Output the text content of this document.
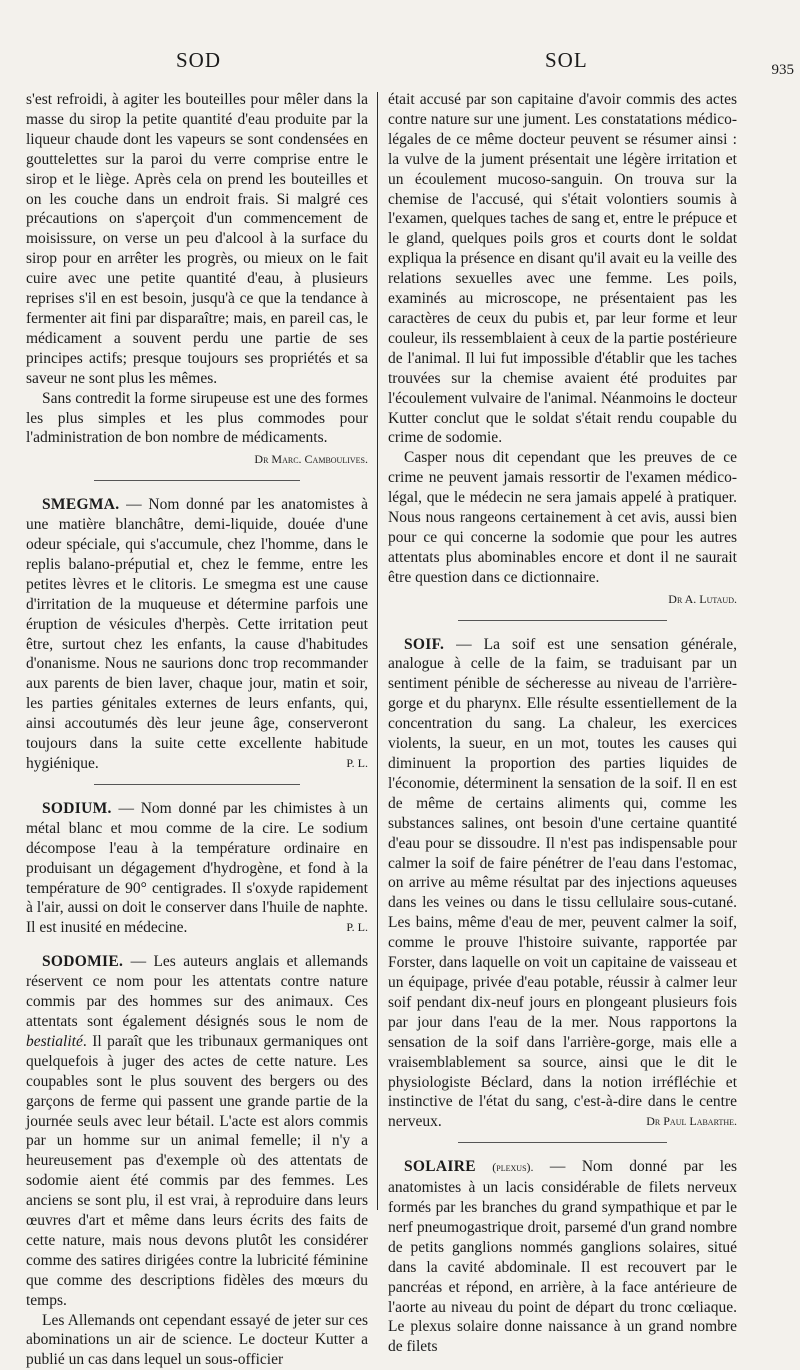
SOD	SOL	935

s'est refroidi, à agiter les bouteilles pour mêler dans la masse du sirop la petite quantité d'eau produite par la liqueur chaude dont les vapeurs se sont condensées en gouttelettes sur la paroi du verre comprise entre le sirop et le liège. Après cela on prend les bouteilles et on les couche dans un endroit frais. Si malgré ces précautions on s'aperçoit d'un commencement de moisissure, on verse un peu d'alcool à la surface du sirop pour en arrêter les progrès, ou mieux on le fait cuire avec une petite quantité d'eau, à plusieurs reprises s'il en est besoin, jusqu'à ce que la tendance à fermenter ait fini par disparaître; mais, en pareil cas, le médicament a souvent perdu une partie de ses principes actifs; presque toujours ses propriétés et sa saveur ne sont plus les mêmes.

Sans contredit la forme sirupeuse est une des formes les plus simples et les plus commodes pour l'administration de bon nombre de médicaments.

Dr Marc. Camboulives.

SMEGMA. — Nom donné par les anatomistes à une matière blanchâtre, demi-liquide, douée d'une odeur spéciale, qui s'accumule, chez l'homme, dans le replis balano-préputial et, chez le femme, entre les petites lèvres et le clitoris. Le smegma est une cause d'irritation de la muqueuse et détermine parfois une éruption de vésicules d'herpès. Cette irritation peut être, surtout chez les enfants, la cause d'habitudes d'onanisme. Nous ne saurions donc trop recommander aux parents de bien laver, chaque jour, matin et soir, les parties génitales externes de leurs enfants, qui, ainsi accoutumés dès leur jeune âge, conserveront toujours dans la suite cette excellente habitude hygiénique.	P. L.

SODIUM. — Nom donné par les chimistes à un métal blanc et mou comme de la cire. Le sodium décompose l'eau à la température ordinaire en produisant un dégagement d'hydrogène, et fond à la température de 90° centigrades. Il s'oxyde rapidement à l'air, aussi on doit le conserver dans l'huile de naphte. Il est inusité en médecine.	P. L.

SODOMIE. — Les auteurs anglais et allemands réservent ce nom pour les attentats contre nature commis par des hommes sur des animaux. Ces attentats sont également désignés sous le nom de bestialité. Il paraît que les tribunaux germaniques ont quelquefois à juger des actes de cette nature. Les coupables sont le plus souvent des bergers ou des garçons de ferme qui passent une grande partie de la journée seuls avec leur bétail. L'acte est alors commis par un homme sur un animal femelle; il n'y a heureusement pas d'exemple où des attentats de sodomie aient été commis par des femmes. Les anciens se sont plu, il est vrai, à reproduire dans leurs œuvres d'art et même dans leurs écrits des faits de cette nature, mais nous devons plutôt les considérer comme des satires dirigées contre la lubricité féminine que comme des descriptions fidèles des mœurs du temps.

Les Allemands ont cependant essayé de jeter sur ces abominations un air de science. Le docteur Kutter a publié un cas dans lequel un sous-officier

était accusé par son capitaine d'avoir commis des actes contre nature sur une jument. Les constatations médico-légales de ce même docteur peuvent se résumer ainsi : la vulve de la jument présentait une légère irritation et un écoulement mucoso-sanguin. On trouva sur la chemise de l'accusé, qui s'était volontiers soumis à l'examen, quelques taches de sang et, entre le prépuce et le gland, quelques poils gros et courts dont le soldat expliqua la présence en disant qu'il avait eu la veille des relations sexuelles avec une femme. Les poils, examinés au microscope, ne présentaient pas les caractères de ceux du pubis et, par leur forme et leur couleur, ils ressemblaient à ceux de la partie postérieure de l'animal. Il lui fut impossible d'établir que les taches trouvées sur la chemise avaient été produites par l'écoulement vulvaire de l'animal. Néanmoins le docteur Kutter conclut que le soldat s'était rendu coupable du crime de sodomie.

Casper nous dit cependant que les preuves de ce crime ne peuvent jamais ressortir de l'examen médico-légal, que le médecin ne sera jamais appelé à pratiquer. Nous nous rangeons certainement à cet avis, aussi bien pour ce qui concerne la sodomie que pour les autres attentats plus abominables encore et dont il ne saurait être question dans ce dictionnaire.

Dr A. Lutaud.

SOIF. — La soif est une sensation générale, analogue à celle de la faim, se traduisant par un sentiment pénible de sécheresse au niveau de l'arrière-gorge et du pharynx. Elle résulte essentiellement de la concentration du sang. La chaleur, les exercices violents, la sueur, en un mot, toutes les causes qui diminuent la proportion des parties liquides de l'économie, déterminent la sensation de la soif. Il en est de même de certains aliments qui, comme les substances salines, ont besoin d'une certaine quantité d'eau pour se dissoudre. Il n'est pas indispensable pour calmer la soif de faire pénétrer de l'eau dans l'estomac, on arrive au même résultat par des injections aqueuses dans les veines ou dans le tissu cellulaire sous-cutané. Les bains, même d'eau de mer, peuvent calmer la soif, comme le prouve l'histoire suivante, rapportée par Forster, dans laquelle on voit un capitaine de vaisseau et un équipage, privée d'eau potable, réussir à calmer leur soif pendant dix-neuf jours en plongeant plusieurs fois par jour dans l'eau de la mer. Nous rapportons la sensation de la soif dans l'arrière-gorge, mais elle a vraisemblablement sa source, ainsi que le dit le physiologiste Béclard, dans la notion irréfléchie et instinctive de l'état du sang, c'est-à-dire dans le centre nerveux.	Dr Paul Labarthe.

SOLAIRE (plexus). — Nom donné par les anatomistes à un lacis considérable de filets nerveux formés par les branches du grand sympathique et par le nerf pneumogastrique droit, parsemé d'un grand nombre de petits ganglions nommés ganglions solaires, situé dans la cavité abdominale. Il est recouvert par le pancréas et répond, en arrière, à la face antérieure de l'aorte au niveau du point de départ du tronc cœliaque. Le plexus solaire donne naissance à un grand nombre de filets
